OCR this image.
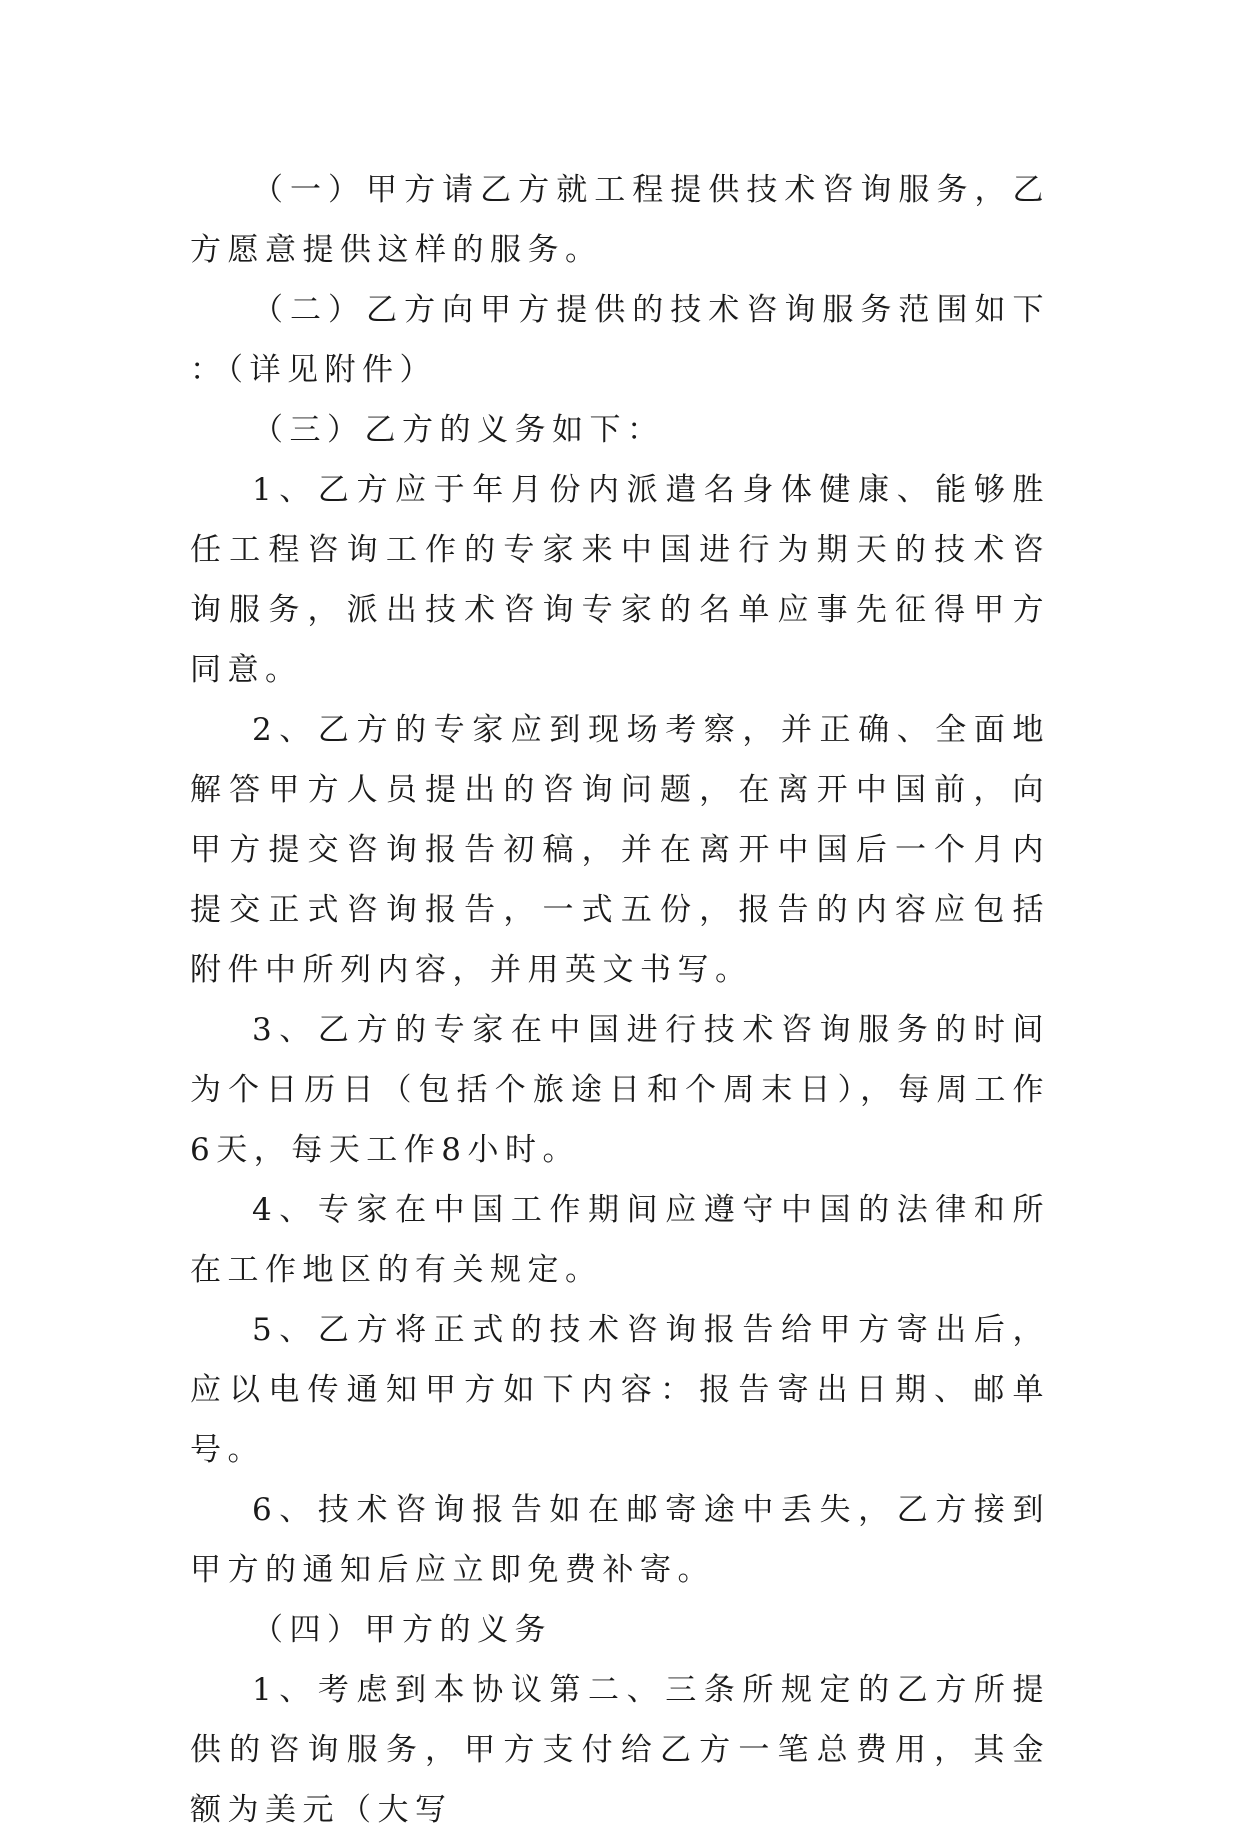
（一）甲方请乙方就工程提供技术咨询服务，乙方愿意提供这样的服务。

（二）乙方向甲方提供的技术咨询服务范围如下：（详见附件）

（三）乙方的义务如下：

1、乙方应于年月份内派遣名身体健康、能够胜任工程咨询工作的专家来中国进行为期天的技术咨询服务，派出技术咨询专家的名单应事先征得甲方同意。

2、乙方的专家应到现场考察，并正确、全面地解答甲方人员提出的咨询问题，在离开中国前，向甲方提交咨询报告初稿，并在离开中国后一个月内提交正式咨询报告，一式五份，报告的内容应包括附件中所列内容，并用英文书写。

3、乙方的专家在中国进行技术咨询服务的时间为个日历日（包括个旅途日和个周末日），每周工作6天，每天工作8小时。

4、专家在中国工作期间应遵守中国的法律和所在工作地区的有关规定。

5、乙方将正式的技术咨询报告给甲方寄出后，应以电传通知甲方如下内容：报告寄出日期、邮单号。

6、技术咨询报告如在邮寄途中丢失，乙方接到甲方的通知后应立即免费补寄。

（四）甲方的义务

1、考虑到本协议第二、三条所规定的乙方所提供的咨询服务，甲方支付给乙方一笔总费用，其金额为美元（大写
